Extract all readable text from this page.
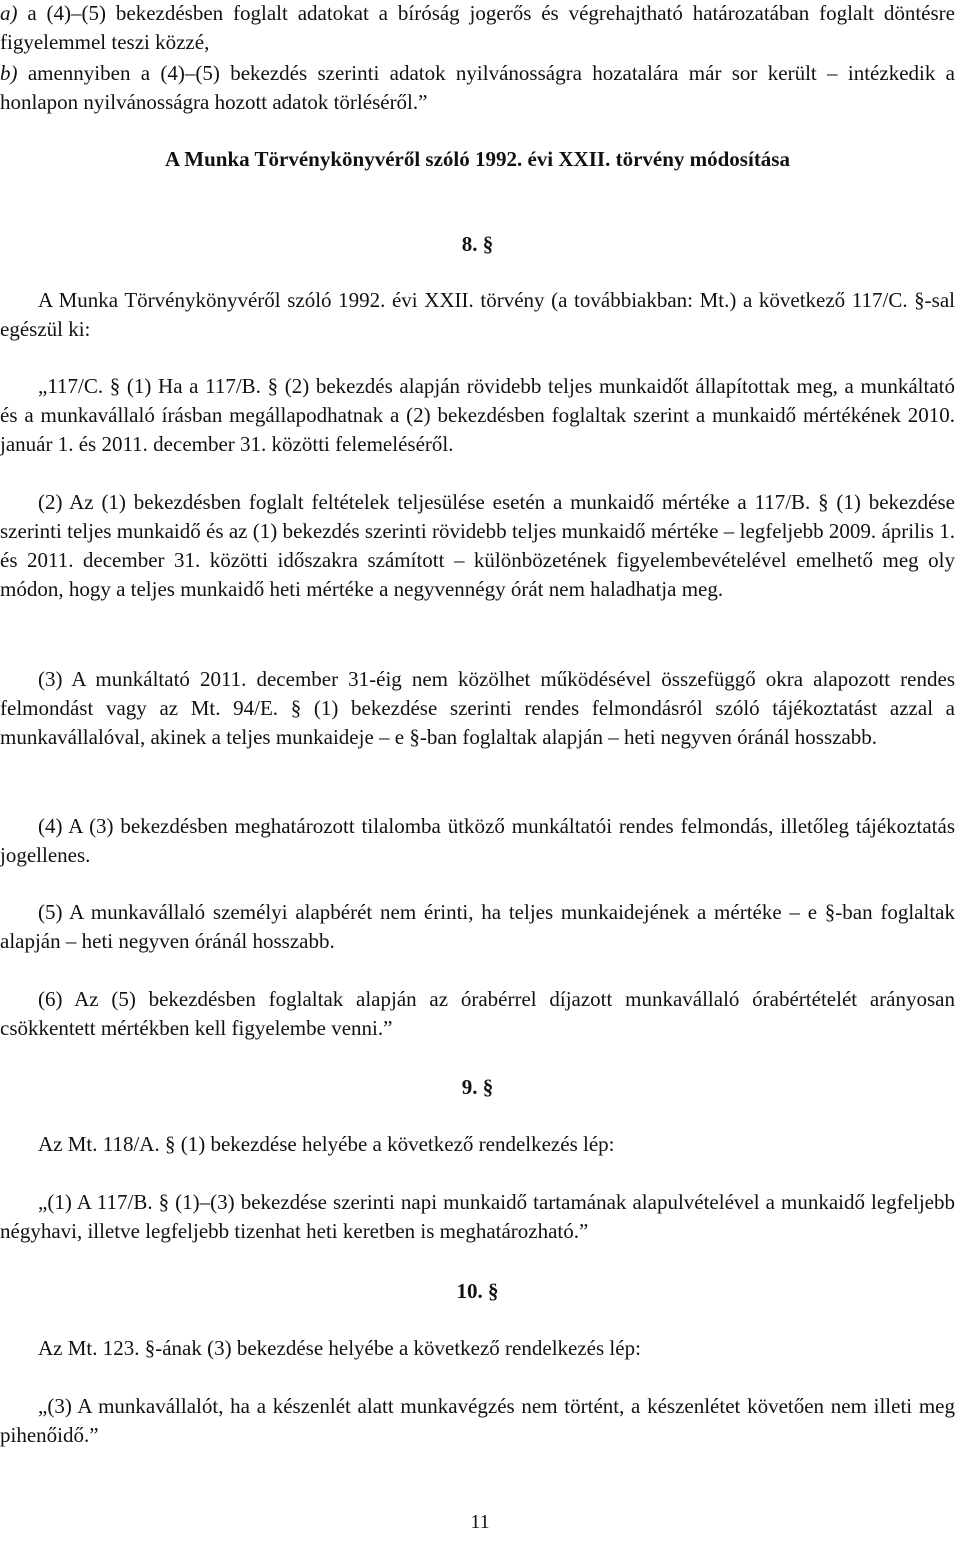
a) a (4)–(5) bekezdésben foglalt adatokat a bíróság jogerős és végrehajtható határozatában foglalt döntésre figyelemmel teszi közzé,
b) amennyiben a (4)–(5) bekezdés szerinti adatok nyilvánosságra hozatalára már sor került – intézkedik a honlapon nyilvánosságra hozott adatok törléséről.”
A Munka Törvénykönyvéről szóló 1992. évi XXII. törvény módosítása
8. §
A Munka Törvénykönyvéről szóló 1992. évi XXII. törvény (a továbbiakban: Mt.) a következő 117/C. §-sal egészül ki:
„117/C. § (1) Ha a 117/B. § (2) bekezdés alapján rövidebb teljes munkaidőt állapítottak meg, a munkáltató és a munkavállaló írásban megállapodhatnak a (2) bekezdésben foglaltak szerint a munkaidő mértékének 2010. január 1. és 2011. december 31. közötti felemeléséről.
(2) Az (1) bekezdésben foglalt feltételek teljesülése esetén a munkaidő mértéke a 117/B. § (1) bekezdése szerinti teljes munkaidő és az (1) bekezdés szerinti rövidebb teljes munkaidő mértéke – legfeljebb 2009. április 1. és 2011. december 31. közötti időszakra számított – különbözetének figyelembevételével emelhető meg oly módon, hogy a teljes munkaidő heti mértéke a negyvennégy órát nem haladhatja meg.
(3) A munkáltató 2011. december 31-éig nem közölhet működésével összefüggő okra alapozott rendes felmondást vagy az Mt. 94/E. § (1) bekezdése szerinti rendes felmondásról szóló tájékoztatást azzal a munkavállalóval, akinek a teljes munkaideje – e §-ban foglaltak alapján – heti negyven óránál hosszabb.
(4) A (3) bekezdésben meghatározott tilalomba ütköző munkáltatói rendes felmondás, illetőleg tájékoztatás jogellenes.
(5) A munkavállaló személyi alapbérét nem érinti, ha teljes munkaidejének a mértéke – e §-ban foglaltak alapján – heti negyven óránál hosszabb.
(6) Az (5) bekezdésben foglaltak alapján az órabérrel díjazott munkavállaló órabértételét arányosan csökkentett mértékben kell figyelembe venni.”
9. §
Az Mt. 118/A. § (1) bekezdése helyébe a következő rendelkezés lép:
„(1) A 117/B. § (1)–(3) bekezdése szerinti napi munkaidő tartamának alapulvételével a munkaidő legfeljebb négyhavi, illetve legfeljebb tizenhat heti keretben is meghatározható.”
10. §
Az Mt. 123. §-ának (3) bekezdése helyébe a következő rendelkezés lép:
„(3) A munkavállalót, ha a készenlét alatt munkavégzés nem történt, a készenlétet követően nem illeti meg pihenőidő.”
11
